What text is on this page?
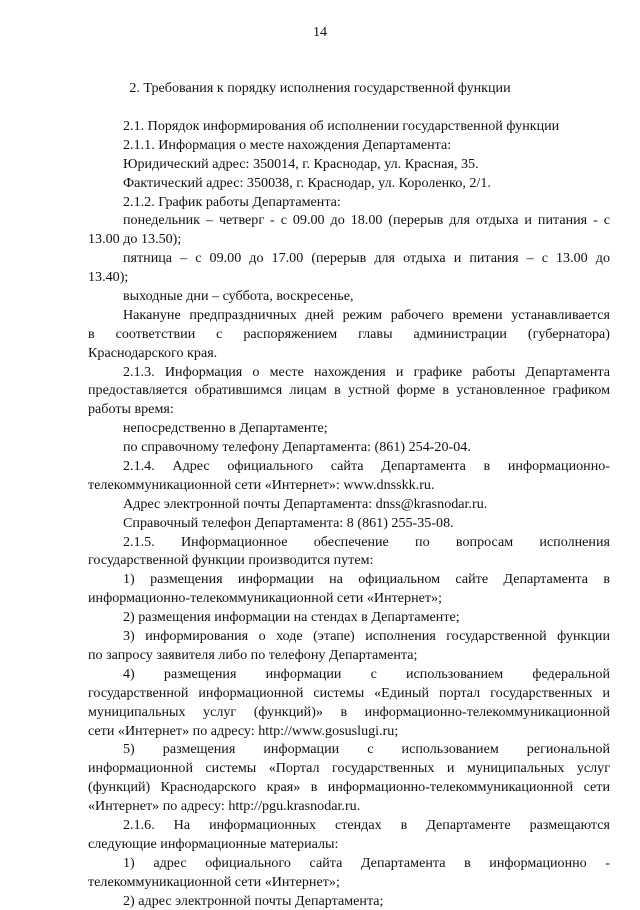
14
2. Требования к порядку исполнения государственной функции
2.1. Порядок информирования об исполнении государственной функции
2.1.1. Информация о месте нахождения Департамента:
Юридический адрес: 350014, г. Краснодар, ул. Красная, 35.
Фактический адрес: 350038, г. Краснодар, ул. Короленко, 2/1.
2.1.2. График работы Департамента:
понедельник – четверг - с 09.00 до 18.00 (перерыв для отдыха и питания - с
13.00 до 13.50);
пятница – с 09.00 до 17.00 (перерыв для отдыха и питания – с 13.00 до
13.40);
выходные дни – суббота, воскресенье,
Накануне предпраздничных дней режим рабочего времени устанавливается
в соответствии с распоряжением главы администрации (губернатора)
Краснодарского края.
2.1.3. Информация о месте нахождения и графике работы Департамента
предоставляется обратившимся лицам в устной форме в установленное графиком
работы время:
непосредственно в Департаменте;
по справочному телефону Департамента: (861) 254-20-04.
2.1.4. Адрес официального сайта Департамента в информационно-
телекоммуникационной сети «Интернет»: www.dnsskk.ru.
Адрес электронной почты Департамента: dnss@krasnodar.ru.
Справочный телефон Департамента: 8 (861) 255-35-08.
2.1.5. Информационное обеспечение по вопросам исполнения
государственной функции производится путем:
1) размещения информации на официальном сайте Департамента в
информационно-телекоммуникационной сети «Интернет»;
2) размещения информации на стендах в Департаменте;
3) информирования о ходе (этапе) исполнения государственной функции
по запросу заявителя либо по телефону Департамента;
4) размещения информации с использованием федеральной
государственной информационной системы «Единый портал государственных и
муниципальных услуг (функций)» в информационно-телекоммуникационной
сети «Интернет» по адресу: http://www.gosuslugi.ru;
5) размещения информации с использованием региональной
информационной системы «Портал государственных и муниципальных услуг
(функций) Краснодарского края» в информационно-телекоммуникационной сети
«Интернет» по адресу: http://pgu.krasnodar.ru.
2.1.6. На информационных стендах в Департаменте размещаются
следующие информационные материалы:
1) адрес официального сайта Департамента в информационно -
телекоммуникационной сети «Интернет»;
2) адрес электронной почты Департамента;
